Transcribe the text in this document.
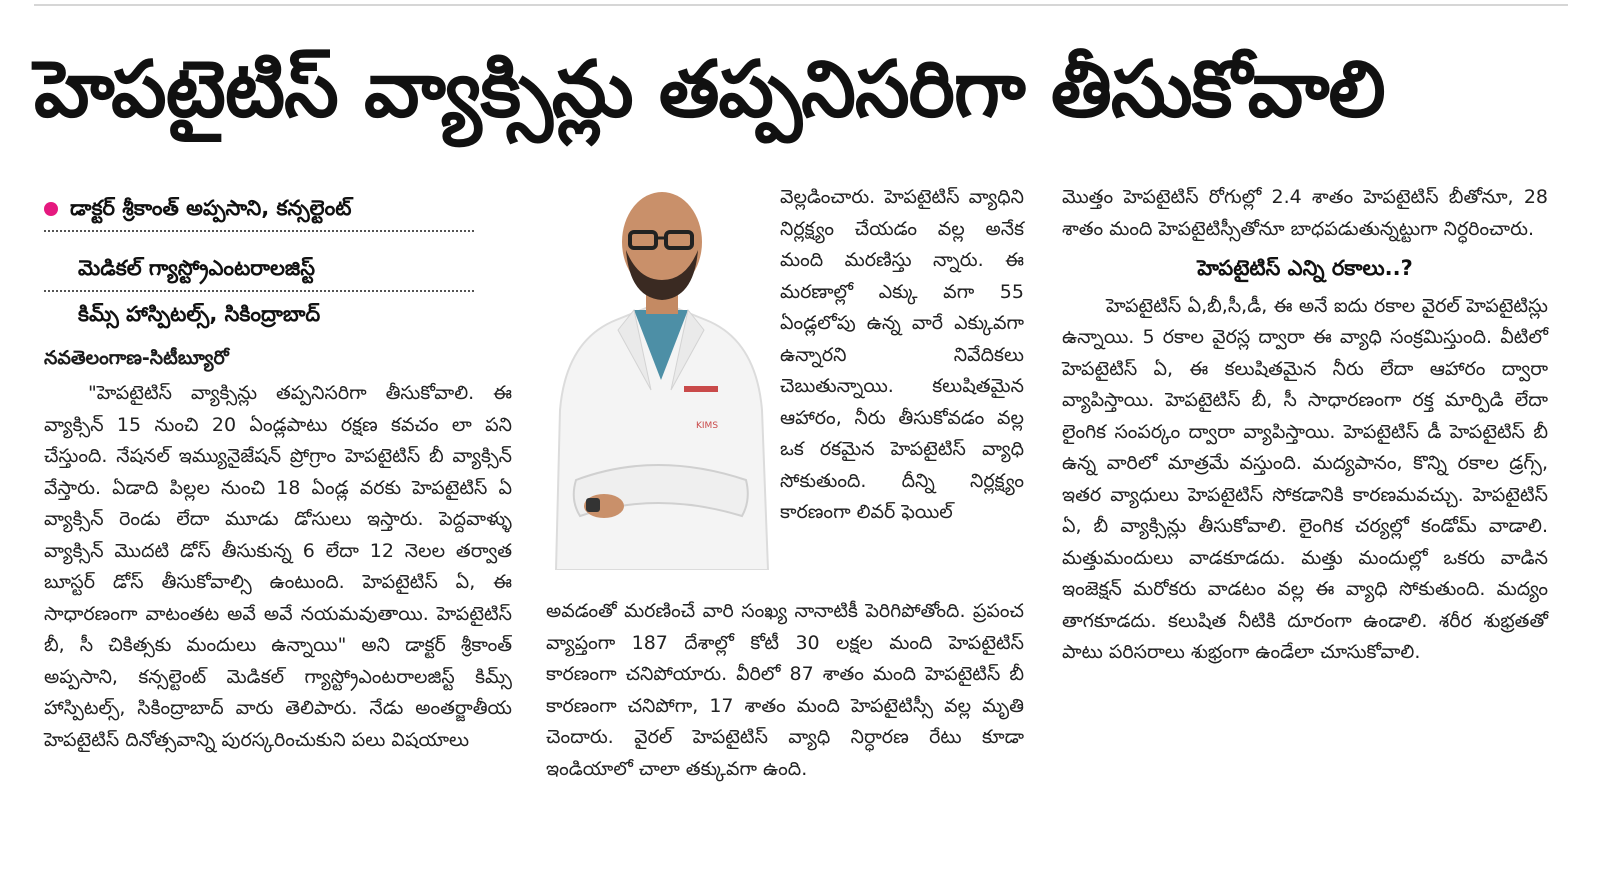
హెపటైటిస్ వ్యాక్సిన్లు తప్పనిసరిగా తీసుకోవాలి
డాక్టర్ శ్రీకాంత్ అప్పసాని, కన్సల్టెంట్
మెడికల్ గ్యాస్ట్రోఎంటరాలజిస్ట్
కిమ్స్ హాస్పిటల్స్, సికింద్రాబాద్
నవతెలంగాణ-సిటీబ్యూరో

"హెపటైటిస్ వ్యాక్సిన్లు తప్పనిసరిగా తీసుకోవాలి. ఈ వ్యాక్సిన్ 15 నుంచి 20 ఏండ్లపాటు రక్షణ కవచం లా పని చేస్తుంది. నేషనల్ ఇమ్యునైజేషన్ ప్రోగ్రాం హెపటైటిస్ బీ వ్యాక్సిన్ వేస్తారు. ఏడాది పిల్లల నుంచి 18 ఏండ్ల వరకు హెపటైటిస్ ఏ వ్యాక్సిన్ రెండు లేదా మూడు డోసులు ఇస్తారు. పెద్దవాళ్ళు వ్యాక్సిన్ మొదటి డోస్ తీసుకున్న 6 లేదా 12 నెలల తర్వాత బూస్టర్ డోస్ తీసుకోవాల్సి ఉంటుంది. హెపటైటిస్ ఏ, ఈ సాధారణంగా వాటంతట అవే అవే నయమవుతాయి. హెపటైటిస్ బీ, సీ చికిత్సకు మందులు ఉన్నాయి" అని డాక్టర్ శ్రీకాంత్ అప్పసాని, కన్సల్టెంట్ మెడికల్ గ్యాస్ట్రోఎంటరాలజిస్ట్ కిమ్స్ హాస్పిటల్స్, సికింద్రాబాద్ వారు తెలిపారు. నేడు అంతర్జాతీయ హెపటైటిస్ దినోత్సవాన్ని పురస్కరించుకుని పలు విషయాలు

KIMS

వెల్లడించారు. హెపటైటిస్ వ్యాధిని నిర్లక్ష్యం చేయడం వల్ల అనేక మంది మరణిస్తు న్నారు. ఈ మరణాల్లో ఎక్కు వగా 55 ఏండ్లలోపు ఉన్న వారే ఎక్కువగా ఉన్నారని నివేదికలు చెబుతున్నాయి. కలుషితమైన ఆహారం, నీరు తీసుకోవడం వల్ల ఒక రకమైన హెపటైటిస్ వ్యాధి సోకుతుంది. దీన్ని నిర్లక్ష్యం కారణంగా లివర్ ఫెయిల్

అవడంతో మరణించే వారి సంఖ్య నానాటికీ పెరిగిపోతోంది. ప్రపంచ వ్యాప్తంగా 187 దేశాల్లో కోటీ 30 లక్షల మంది హెపటైటిస్ కారణంగా చనిపోయారు. వీరిలో 87 శాతం మంది హెపటైటిస్ బీ కారణంగా చనిపోగా, 17 శాతం మంది హెపటైటిస్సీ వల్ల మృతి చెందారు. వైరల్ హెపటైటిస్ వ్యాధి నిర్ధారణ రేటు కూడా ఇండియాలో చాలా తక్కువగా ఉంది.

మొత్తం హెపటైటిస్ రోగుల్లో 2.4 శాతం హెపటైటిస్ బీతోనూ, 28 శాతం మంది హెపటైటిస్సీతోనూ బాధపడుతున్నట్టుగా నిర్ధరించారు.

హెపటైటిస్ ఎన్ని రకాలు..?

హెపటైటిస్ ఏ,బీ,సీ,డీ, ఈ అనే ఐదు రకాల వైరల్ హెపటైటిస్లు ఉన్నాయి. 5 రకాల వైరస్ల ద్వారా ఈ వ్యాధి సంక్రమిస్తుంది. వీటిలో హెపటైటిస్ ఏ, ఈ కలుషితమైన నీరు లేదా ఆహారం ద్వారా వ్యాపిస్తాయి. హెపటైటిస్ బీ, సీ సాధారణంగా రక్త మార్పిడి లేదా లైంగిక సంపర్కం ద్వారా వ్యాపిస్తాయి. హెపటైటిస్ డీ హెపటైటిస్ బీ ఉన్న వారిలో మాత్రమే వస్తుంది. మద్యపానం, కొన్ని రకాల డ్రగ్స్, ఇతర వ్యాధులు హెపటైటిస్ సోకడానికి కారణమవచ్చు. హెపటైటిస్ ఏ, బీ వ్యాక్సిన్లు తీసుకోవాలి. లైంగిక చర్యల్లో కండోమ్ వాడాలి. మత్తుమందులు వాడకూడదు. మత్తు మందుల్లో ఒకరు వాడిన ఇంజెక్షన్ మరోకరు వాడటం వల్ల ఈ వ్యాధి సోకుతుంది. మద్యం తాగకూడదు. కలుషిత నీటికి దూరంగా ఉండాలి. శరీర శుభ్రతతో పాటు పరిసరాలు శుభ్రంగా ఉండేలా చూసుకోవాలి.
